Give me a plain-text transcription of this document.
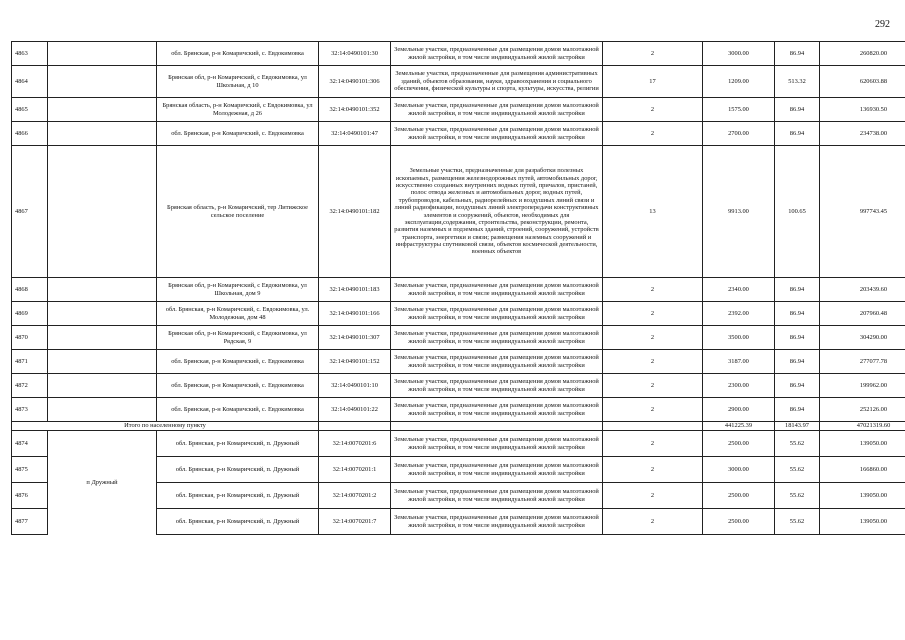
292
4863		обл. Брянская, р-н Комаричский, с. Евдокимовка	32:14:0490101:30	Земельные участки, предназначенные для размещения домов малоэтажной жилой застройки, в том числе индивидуальной жилой застройки	2	3000.00	86.94	260820.00
4864		Брянская обл, р-н Комаричский, с Евдокимовка, ул Школьная, д 10	32:14:0490101:306	Земельные участки, предназначенные для размещения административных зданий, объектов образования, науки, здравоохранения и социального обеспечения, физической культуры и спорта, культуры, искусства, религии	17	1209.00	513.32	620603.88
4865		Брянская область, р-н Комаричский, с Евдокимовка, ул Молодежная, д 26	32:14:0490101:352	Земельные участки, предназначенные для размещения домов малоэтажной жилой застройки, в том числе индивидуальной жилой застройки	2	1575.00	86.94	136930.50
4866		обл. Брянская, р-н Комаричский, с. Евдокимовка	32:14:0490101:47	Земельные участки, предназначенные для размещения домов малоэтажной жилой застройки, в том числе индивидуальной жилой застройки	2	2700.00	86.94	234738.00
4867		Брянская область, р-н Комаричский, тер Литижское сельское поселение	32:14:0490101:182	Земельные участки, предназначенные для разработки полезных ископаемых, размещения железнодорожных путей, автомобильных дорог, искусственно созданных внутренних водных путей, причалов, пристаней, полос отвода железных и автомобильных дорог, водных путей, трубопроводов, кабельных, радиорелейных и воздушных линий связи и линий радиофикации, воздушных линий электропередачи конструктивных элементов и сооружений, объектов, необходимых для эксплуатации,содержания, строительства, реконструкции, ремонта, развития наземных и подземных зданий, строений, сооружений, устройств транспорта, энергетики и связи; размещения наземных сооружений и инфраструктуры спутниковой связи, объектов космической деятельности, военных объектов	13	9913.00	100.65	997743.45
4868		Брянская обл, р-н Комаричский, с Евдокимовка, ул Школьная, дом 9	32:14:0490101:183	Земельные участки, предназначенные для размещения домов малоэтажной жилой застройки, в том числе индивидуальной жилой застройки	2	2340.00	86.94	203439.60
4869		обл. Брянская, р-н Комаричский, с. Евдокимовка, ул. Молодежная, дом 48	32:14:0490101:166	Земельные участки, предназначенные для размещения домов малоэтажной жилой застройки, в том числе индивидуальной жилой застройки	2	2392.00	86.94	207960.48
4870		Брянская обл, р-н Комаричский, с Евдокимовка, ул Рядская, 9	32:14:0490101:307	Земельные участки, предназначенные для размещения домов малоэтажной жилой застройки, в том числе индивидуальной жилой застройки	2	3500.00	86.94	304290.00
4871		обл. Брянская, р-н Комаричский, с. Евдокимовка	32:14:0490101:152	Земельные участки, предназначенные для размещения домов малоэтажной жилой застройки, в том числе индивидуальной жилой застройки	2	3187.00	86.94	277077.78
4872		обл. Брянская, р-н Комаричский, с. Евдокимовка	32:14:0490101:10	Земельные участки, предназначенные для размещения домов малоэтажной жилой застройки, в том числе индивидуальной жилой застройки	2	2300.00	86.94	199962.00
4873		обл. Брянская, р-н Комаричский, с. Евдокимовка	32:14:0490101:22	Земельные участки, предназначенные для размещения домов малоэтажной жилой застройки, в том числе индивидуальной жилой застройки	2	2900.00	86.94	252126.00
Итого по населенному пункту						441225.39	18143.97	47021319.60
4874	п Дружный	обл. Брянская, р-н Комаричский, п. Дружный	32:14:0070201:6	Земельные участки, предназначенные для размещения домов малоэтажной жилой застройки, в том числе индивидуальной жилой застройки	2	2500.00	55.62	139050.00
4875		обл. Брянская, р-н Комаричский, п. Дружный	32:14:0070201:1	Земельные участки, предназначенные для размещения домов малоэтажной жилой застройки, в том числе индивидуальной жилой застройки	2	3000.00	55.62	166860.00
4876		обл. Брянская, р-н Комаричский, п. Дружный	32:14:0070201:2	Земельные участки, предназначенные для размещения домов малоэтажной жилой застройки, в том числе индивидуальной жилой застройки	2	2500.00	55.62	139050.00
4877		обл. Брянская, р-н Комаричский, п. Дружный	32:14:0070201:7	Земельные участки, предназначенные для размещения домов малоэтажной жилой застройки, в том числе индивидуальной жилой застройки	2	2500.00	55.62	139050.00
